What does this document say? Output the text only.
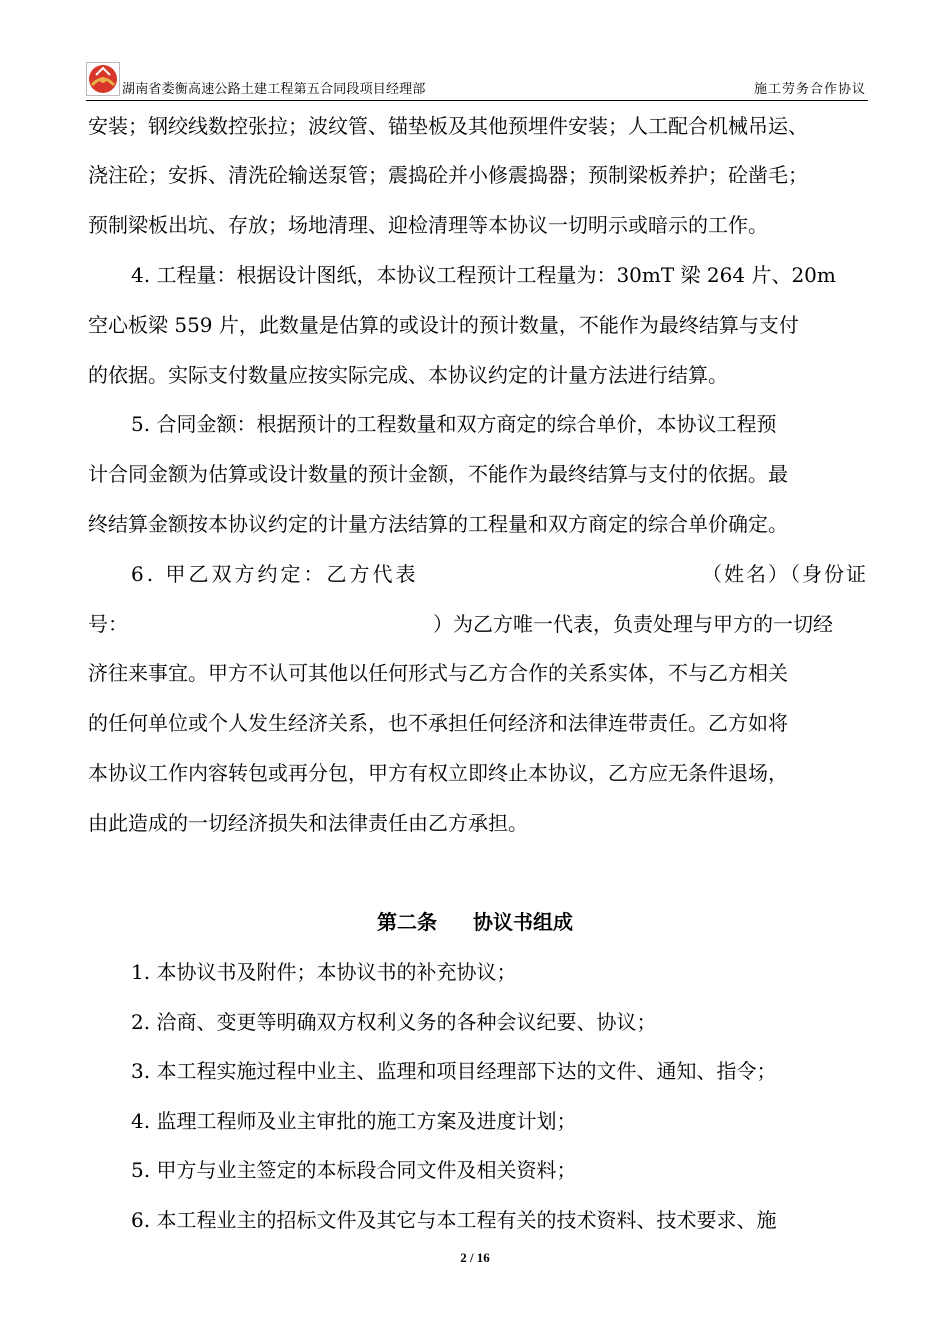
湖南省娄衡高速公路土建工程第五合同段项目经理部	施工劳务合作协议
安装；钢绞线数控张拉；波纹管、锚垫板及其他预埋件安装；人工配合机械吊运、
浇注砼；安拆、清洗砼输送泵管；震捣砼并小修震捣器；预制梁板养护；砼凿毛；
预制梁板出坑、存放；场地清理、迎检清理等本协议一切明示或暗示的工作。
4. 工程量：根据设计图纸，本协议工程预计工程量为：30mT 梁 264 片、20m
空心板梁 559 片，此数量是估算的或设计的预计数量，不能作为最终结算与支付
的依据。实际支付数量应按实际完成、本协议约定的计量方法进行结算。
5. 合同金额：根据预计的工程数量和双方商定的综合单价，本协议工程预
计合同金额为估算或设计数量的预计金额，不能作为最终结算与支付的依据。最
终结算金额按本协议约定的计量方法结算的工程量和双方商定的综合单价确定。
6. 甲乙双方约定：乙方代表	（姓名）（身份证
号：	）为乙方唯一代表，负责处理与甲方的一切经
济往来事宜。甲方不认可其他以任何形式与乙方合作的关系实体，不与乙方相关
的任何单位或个人发生经济关系，也不承担任何经济和法律连带责任。乙方如将
本协议工作内容转包或再分包，甲方有权立即终止本协议，乙方应无条件退场，
由此造成的一切经济损失和法律责任由乙方承担。
第二条 协议书组成
1. 本协议书及附件；本协议书的补充协议；
2. 洽商、变更等明确双方权利义务的各种会议纪要、协议；
3. 本工程实施过程中业主、监理和项目经理部下达的文件、通知、指令；
4. 监理工程师及业主审批的施工方案及进度计划；
5. 甲方与业主签定的本标段合同文件及相关资料；
6. 本工程业主的招标文件及其它与本工程有关的技术资料、技术要求、施
2 / 16
